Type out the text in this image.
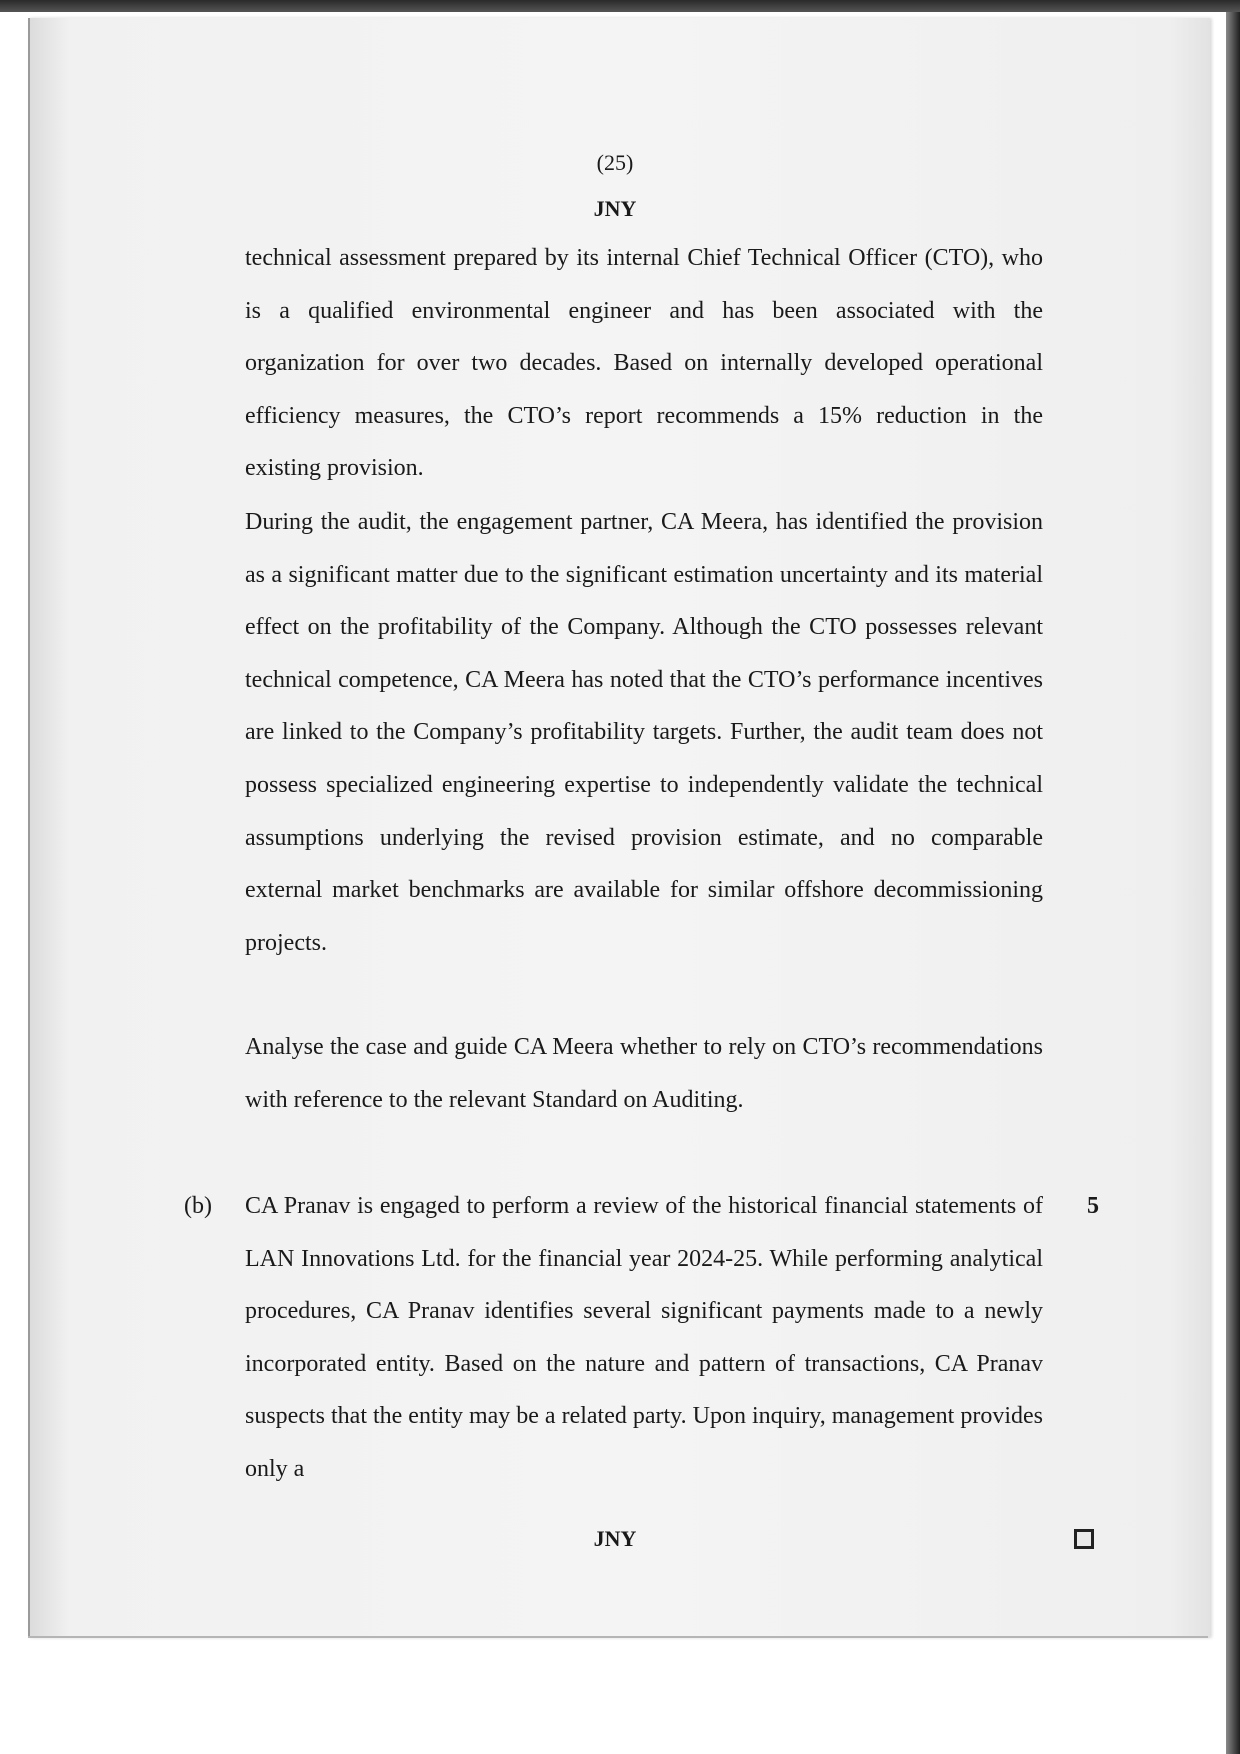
(25)
JNY

technical assessment prepared by its internal Chief Technical Officer (CTO), who is a qualified environmental engineer and has been associated with the organization for over two decades. Based on internally developed operational efficiency measures, the CTO’s report recommends a 15% reduction in the existing provision.

During the audit, the engagement partner, CA Meera, has identified the provision as a significant matter due to the significant estimation uncertainty and its material effect on the profitability of the Company. Although the CTO possesses relevant technical competence, CA Meera has noted that the CTO’s performance incentives are linked to the Company’s profitability targets. Further, the audit team does not possess specialized engineering expertise to independently validate the technical assumptions underlying the revised provision estimate, and no comparable external market benchmarks are available for similar offshore decommissioning projects.

Analyse the case and guide CA Meera whether to rely on CTO’s recommendations with reference to the relevant Standard on Auditing.

(b) CA Pranav is engaged to perform a review of the historical financial statements of LAN Innovations Ltd. for the financial year 2024-25. While performing analytical procedures, CA Pranav identifies several significant payments made to a newly incorporated entity. Based on the nature and pattern of transactions, CA Pranav suspects that the entity may be a related party. Upon inquiry, management provides only a

5
JNY
